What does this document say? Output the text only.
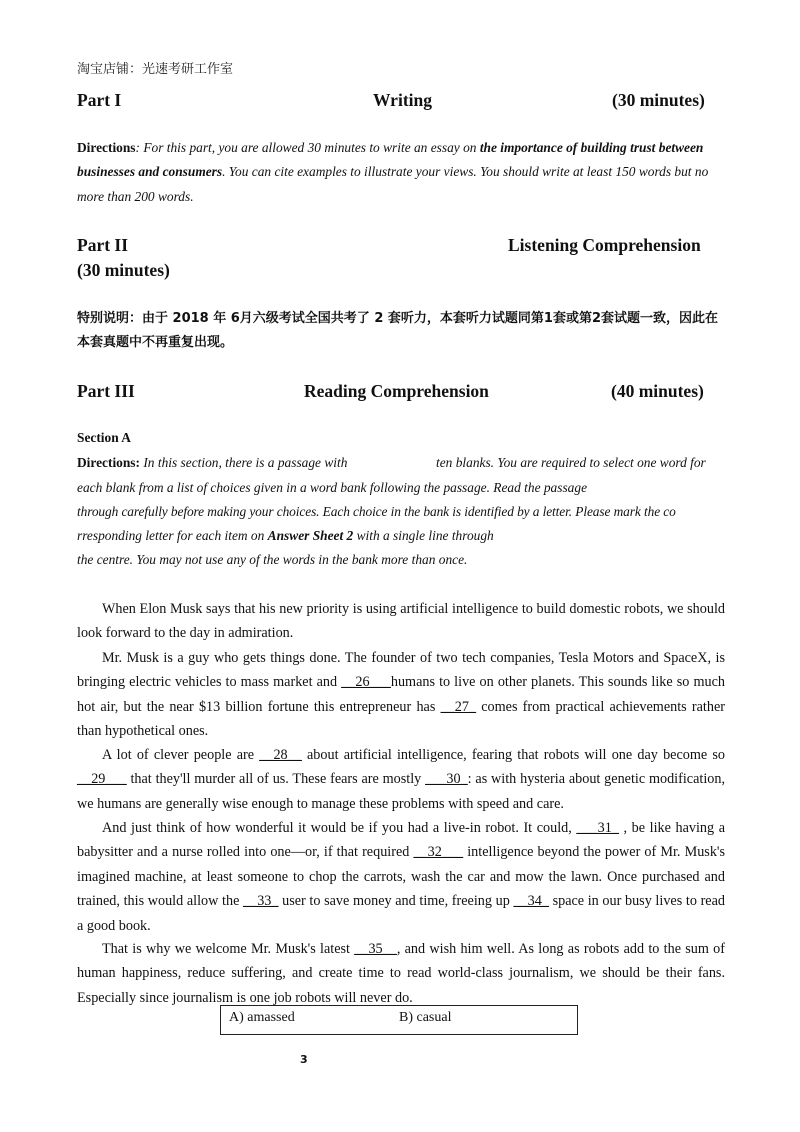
淘宝店铺：光速考研工作室
Part I	Writing	(30 minutes)
Directions: For this part, you are allowed 30 minutes to write an essay on the importance of building trust between businesses and consumers. You can cite examples to illustrate your views. You should write at least 150 words but no more than 200 words.
Part II	Listening Comprehension
(30 minutes)
特别说明：由于 2018 年 6月六级考试全国共考了 2 套听力，本套听力试题同第1套或第2套试题一致，因此在本套真题中不再重复出现。
Part III	Reading Comprehension	(40 minutes)
Section A
Directions: In this section, there is a passage with	ten blanks. You are required to select one word for
each blank from a list of choices given in a word bank following the passage. Read the passage
through carefully before making your choices. Each choice in the bank is identified by a letter. Please mark the co
rresponding letter for each item on Answer Sheet 2 with a single line through
the centre. You may not use any of the words in the bank more than once.
When Elon Musk says that his new priority is using artificial intelligence to build domestic robots, we should look forward to the day in admiration.
Mr. Musk is a guy who gets things done. The founder of two tech companies, Tesla Motors and SpaceX, is bringing electric vehicles to mass market and __26___humans to live on other planets. This sounds like so much hot air, but the near $13 billion fortune this entrepreneur has __27_ comes from practical achievements rather than hypothetical ones.
A lot of clever people are __28__ about artificial intelligence, fearing that robots will one day become so __29___ that they'll murder all of us. These fears are mostly ___30_: as with hysteria about genetic modification, we humans are generally wise enough to manage these problems with speed and care.
And just think of how wonderful it would be if you had a live-in robot. It could, ___31_ , be like having a babysitter and a nurse rolled into one—or, if that required __32___ intelligence beyond the power of Mr. Musk's imagined machine, at least someone to chop the carrots, wash the car and mow the lawn. Once purchased and trained, this would allow the __33_ user to save money and time, freeing up __34_ space in our busy lives to read a good book.
That is why we welcome Mr. Musk's latest __35__, and wish him well. As long as robots add to the sum of human happiness, reduce suffering, and create time to read world-class journalism, we should be their fans. Especially since journalism is one job robots will never do.
A) amassed	B) casual
3
